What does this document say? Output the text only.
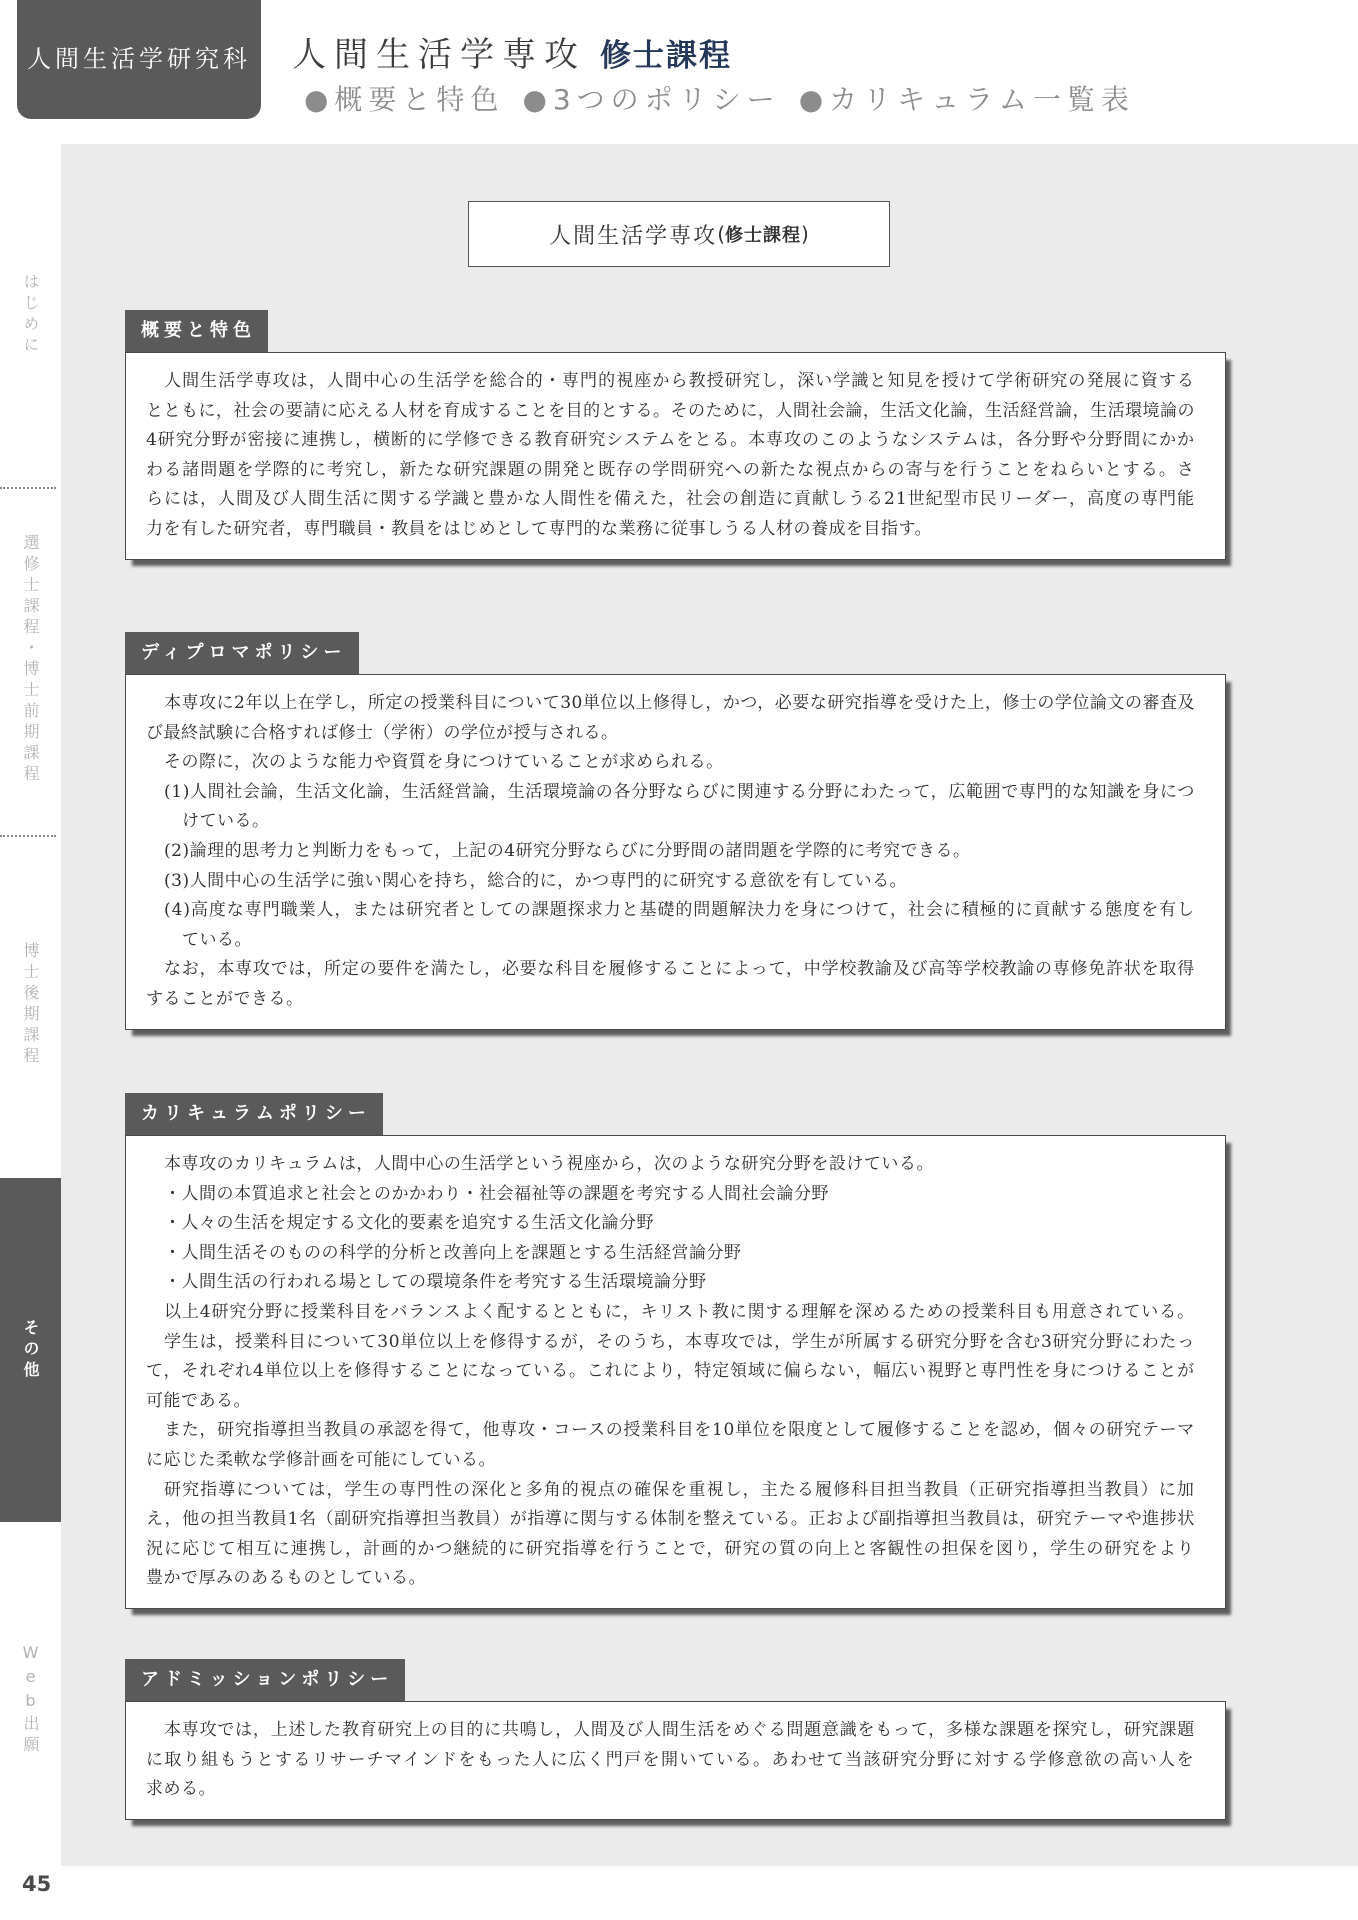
人間生活学研究科 人間生活学専攻 修士課程
●概要と特色 ●3つのポリシー ●カリキュラム一覧表
はじめに
選修士課程・博士前期課程
博士後期課程
その他
Web出願
45
人間生活学専攻 ( 修士課程 )
概要と特色
人間生活学専攻は，人間中心の生活学を総合的・専門的視座から教授研究し，深い学識と知見を授けて学術研究の発展に資する
とともに，社会の要請に応える人材を育成することを目的とする。そのために，人間社会論，生活文化論，生活経営論，生活環境論の
4研究分野が密接に連携し，横断的に学修できる教育研究システムをとる。本専攻のこのようなシステムは，各分野や分野間にかか
わる諸問題を学際的に考究し，新たな研究課題の開発と既存の学問研究への新たな視点からの寄与を行うことをねらいとする。さ
らには，人間及び人間生活に関する学識と豊かな人間性を備えた，社会の創造に貢献しうる21世紀型市民リーダー，高度の専門能
力を有した研究者，専門職員・教員をはじめとして専門的な業務に従事しうる人材の養成を目指す。
ディプロマポリシー
本専攻に2年以上在学し，所定の授業科目について30単位以上修得し，かつ，必要な研究指導を受けた上，修士の学位論文の審査及
び最終試験に合格すれば修士（学術）の学位が授与される。
その際に，次のような能力や資質を身につけていることが求められる。
(1)人間社会論，生活文化論，生活経営論，生活環境論の各分野ならびに関連する分野にわたって，広範囲で専門的な知識を身につ
けている。
(2)論理的思考力と判断力をもって，上記の4研究分野ならびに分野間の諸問題を学際的に考究できる。
(3)人間中心の生活学に強い関心を持ち，総合的に，かつ専門的に研究する意欲を有している。
(4)高度な専門職業人，または研究者としての課題探求力と基礎的問題解決力を身につけて，社会に積極的に貢献する態度を有し
ている。
なお，本専攻では，所定の要件を満たし，必要な科目を履修することによって，中学校教諭及び高等学校教諭の専修免許状を取得
することができる。
カリキュラムポリシー
本専攻のカリキュラムは，人間中心の生活学という視座から，次のような研究分野を設けている。
・人間の本質追求と社会とのかかわり・社会福祉等の課題を考究する人間社会論分野
・人々の生活を規定する文化的要素を追究する生活文化論分野
・人間生活そのものの科学的分析と改善向上を課題とする生活経営論分野
・人間生活の行われる場としての環境条件を考究する生活環境論分野
以上4研究分野に授業科目をバランスよく配するとともに，キリスト教に関する理解を深めるための授業科目も用意されている。
学生は，授業科目について30単位以上を修得するが，そのうち，本専攻では，学生が所属する研究分野を含む3研究分野にわたっ
て，それぞれ4単位以上を修得することになっている。これにより，特定領域に偏らない，幅広い視野と専門性を身につけることが
可能である。
また，研究指導担当教員の承認を得て，他専攻・コースの授業科目を10単位を限度として履修することを認め，個々の研究テーマ
に応じた柔軟な学修計画を可能にしている。
研究指導については，学生の専門性の深化と多角的視点の確保を重視し，主たる履修科目担当教員（正研究指導担当教員）に加
え，他の担当教員1名（副研究指導担当教員）が指導に関与する体制を整えている。正および副指導担当教員は，研究テーマや進捗状
況に応じて相互に連携し，計画的かつ継続的に研究指導を行うことで，研究の質の向上と客観性の担保を図り，学生の研究をより
豊かで厚みのあるものとしている。
アドミッションポリシー
本専攻では，上述した教育研究上の目的に共鳴し，人間及び人間生活をめぐる問題意識をもって，多様な課題を探究し，研究課題
に取り組もうとするリサーチマインドをもった人に広く門戸を開いている。あわせて当該研究分野に対する学修意欲の高い人を
求める。
